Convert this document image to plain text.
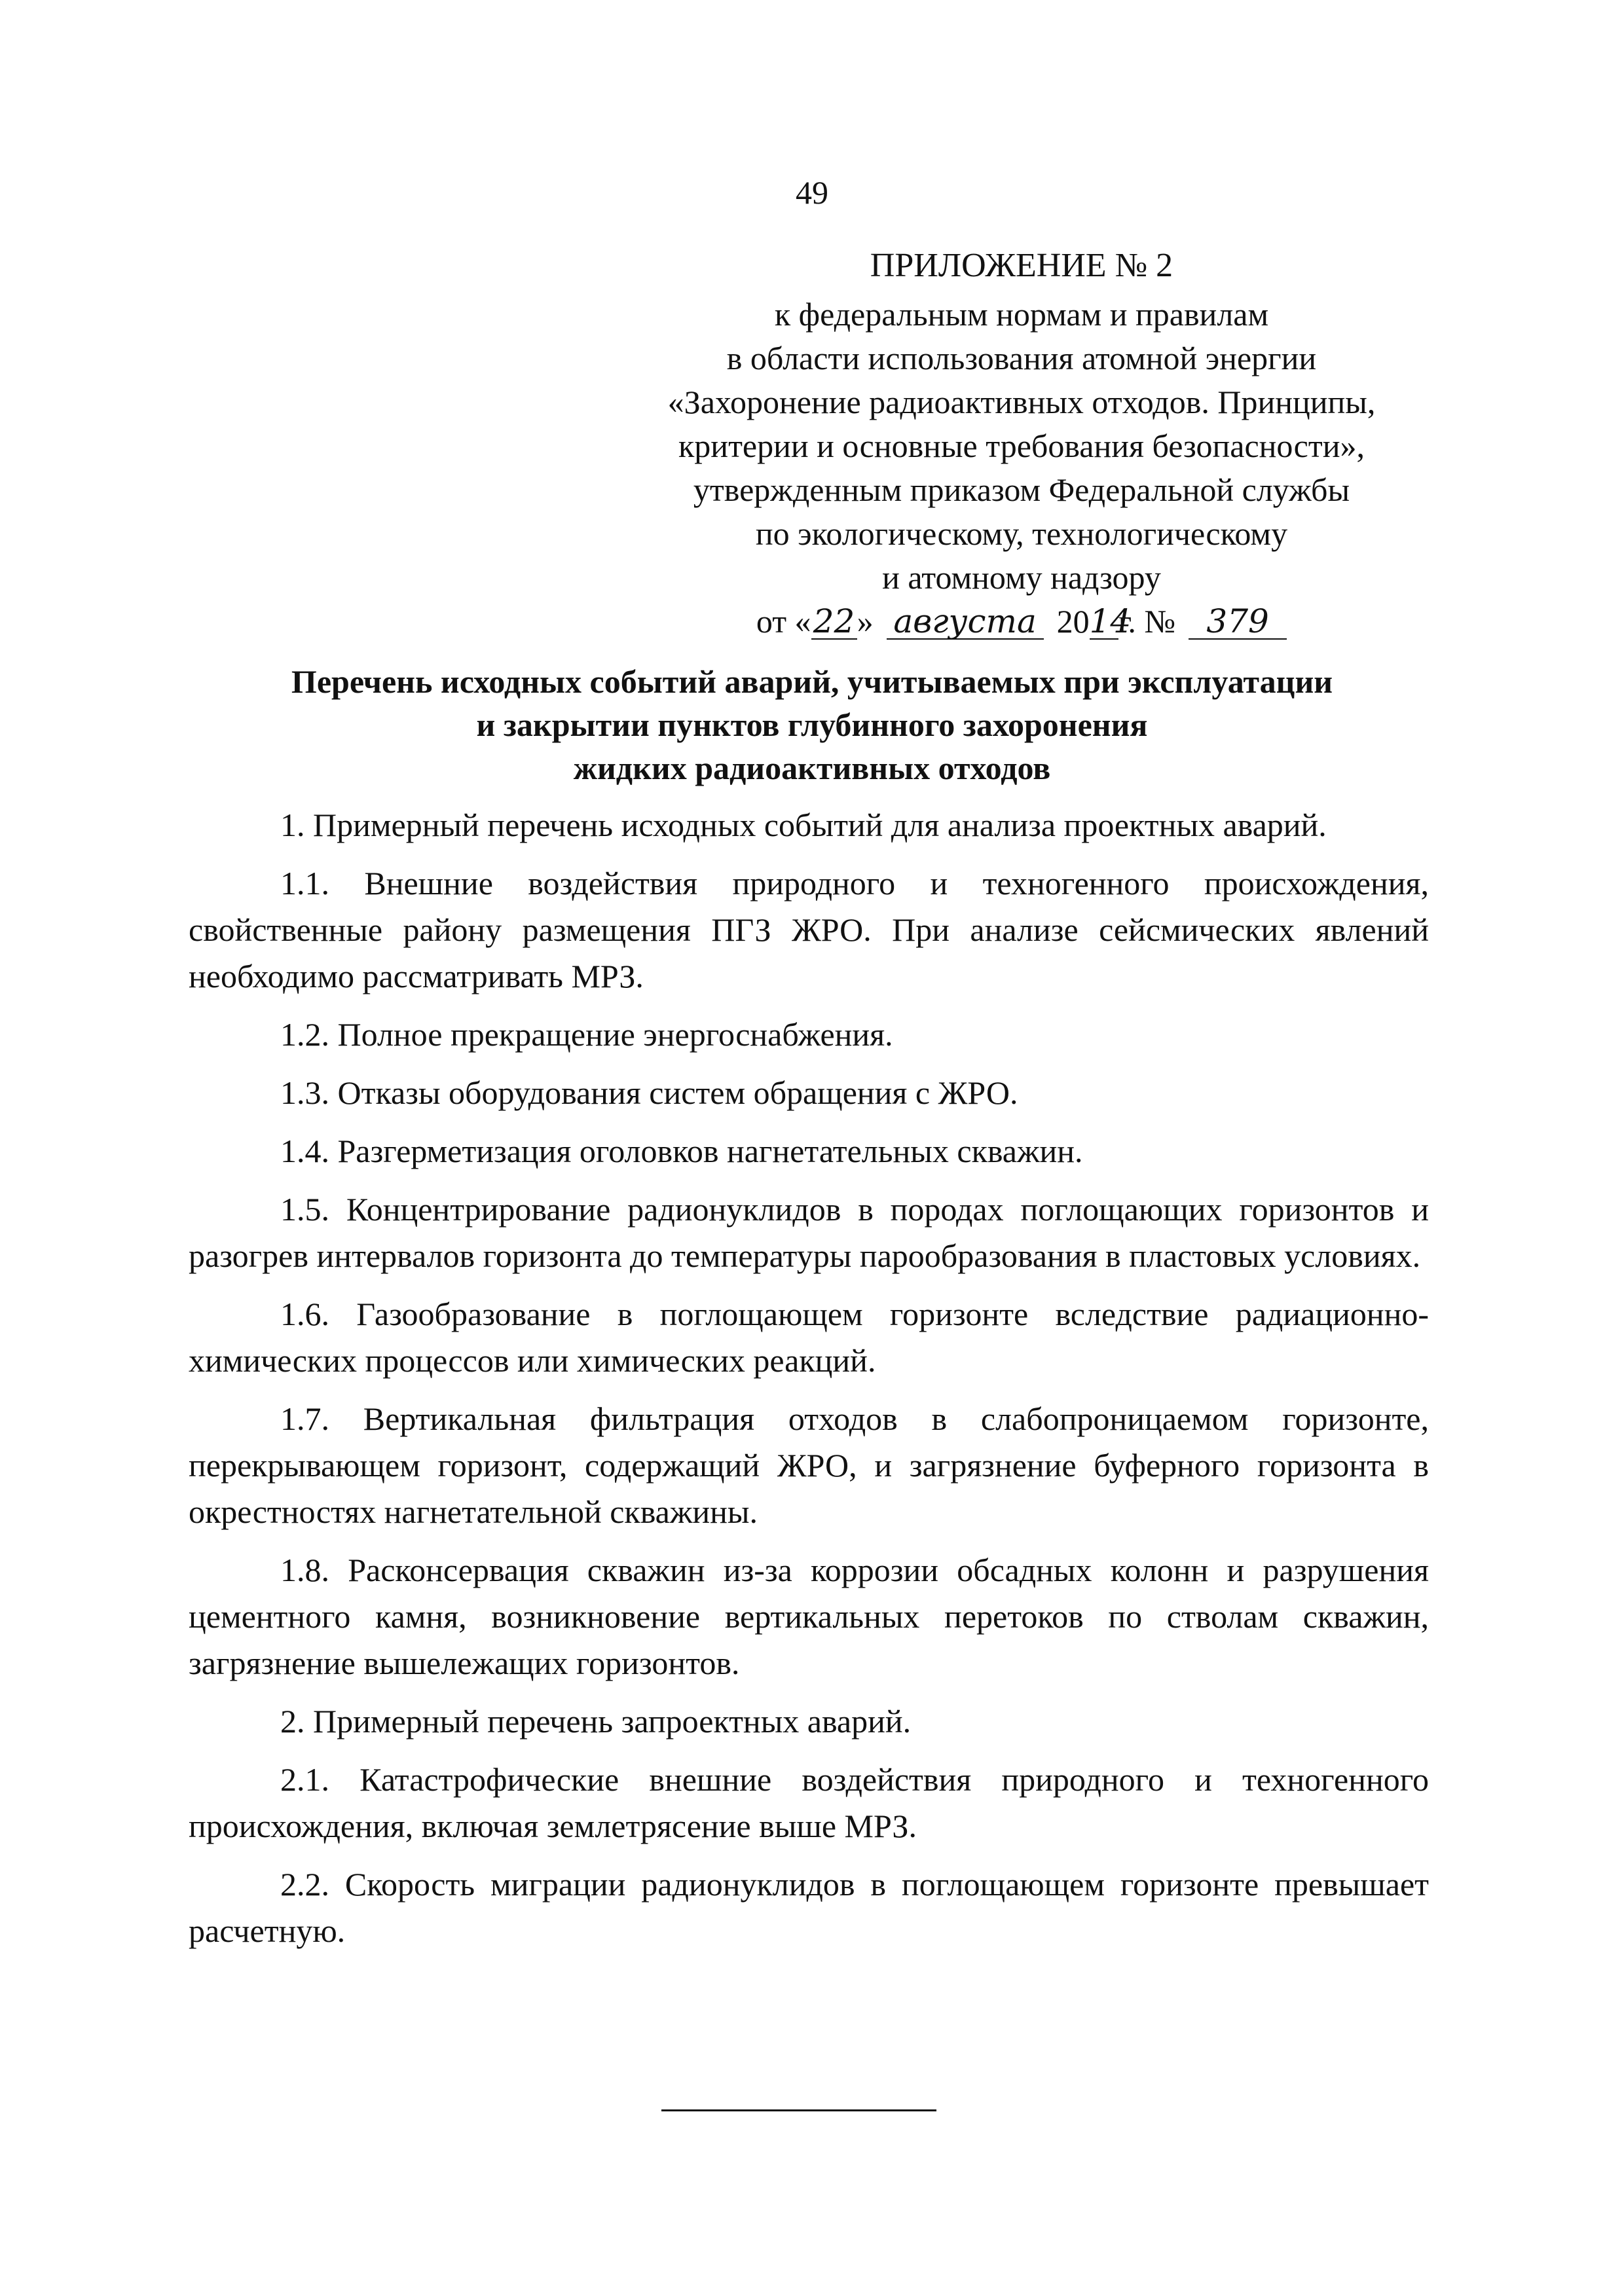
49
ПРИЛОЖЕНИЕ № 2
к федеральным нормам и правилам
в области использования атомной энергии
«Захоронение радиоактивных отходов. Принципы,
критерии и основные требования безопасности»,
утвержденным приказом Федеральной службы
по экологическому, технологическому
и атомному надзору
от « 22 » августа 20 14
г. № 379
Перечень исходных событий аварий, учитываемых при эксплуатации
и закрытии пунктов глубинного захоронения
жидких радиоактивных отходов

1. Примерный перечень исходных событий для анализа проектных аварий.

1.1. Внешние воздействия природного и техногенного происхождения, свойственные району размещения ПГЗ ЖРО. При анализе сейсмических явлений необходимо рассматривать МРЗ.

1.2. Полное прекращение энергоснабжения.

1.3. Отказы оборудования систем обращения с ЖРО.

1.4. Разгерметизация оголовков нагнетательных скважин.

1.5. Концентрирование радионуклидов в породах поглощающих горизонтов и разогрев интервалов горизонта до температуры парообразования в пластовых условиях.

1.6. Газообразование в поглощающем горизонте вследствие радиационно-химических процессов или химических реакций.

1.7. Вертикальная фильтрация отходов в слабопроницаемом горизонте, перекрывающем горизонт, содержащий ЖРО, и загрязнение буферного горизонта в окрестностях нагнетательной скважины.

1.8. Расконсервация скважин из-за коррозии обсадных колонн и разрушения цементного камня, возникновение вертикальных перетоков по стволам скважин, загрязнение вышележащих горизонтов.

2. Примерный перечень запроектных аварий.

2.1. Катастрофические внешние воздействия природного и техногенного происхождения, включая землетрясение выше МРЗ.

2.2. Скорость миграции радионуклидов в поглощающем горизонте превышает расчетную.
